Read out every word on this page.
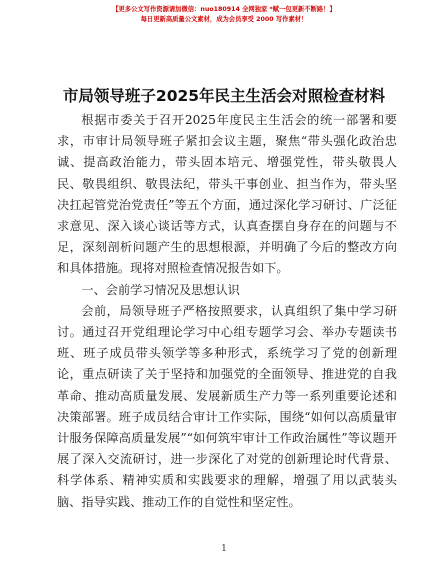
【更多公文写作资源请加微信：nuo180914 全网独家 *赋一包更新不断路！】
每日更新高质量公文素材，成为会员享受 2000 写作素材！
市局领导班子2025年民主生活会对照检查材料

根据市委关于召开2025年度民主生活会的统一部署和要求，市审计局领导班子紧扣会议主题，聚焦“带头强化政治忠诚、提高政治能力，带头固本培元、增强党性，带头敬畏人民、敬畏组织、敬畏法纪，带头干事创业、担当作为，带头坚决扛起管党治党责任”等五个方面，通过深化学习研讨、广泛征求意见、深入谈心谈话等方式，认真查摆自身存在的问题与不足，深刻剖析问题产生的思想根源，并明确了今后的整改方向和具体措施。现将对照检查情况报告如下。

一、会前学习情况及思想认识

会前，局领导班子严格按照要求，认真组织了集中学习研讨。通过召开党组理论学习中心组专题学习会、举办专题读书班、班子成员带头领学等多种形式，系统学习了党的创新理论，重点研读了关于坚持和加强党的全面领导、推进党的自我革命、推动高质量发展、发展新质生产力等一系列重要论述和决策部署。班子成员结合审计工作实际，围绕“如何以高质量审计服务保障高质量发展”“如何筑牢审计工作政治属性”等议题开展了深入交流研讨，进一步深化了对党的创新理论时代背景、科学体系、精神实质和实践要求的理解，增强了用以武装头脑、指导实践、推动工作的自觉性和坚定性。

1
